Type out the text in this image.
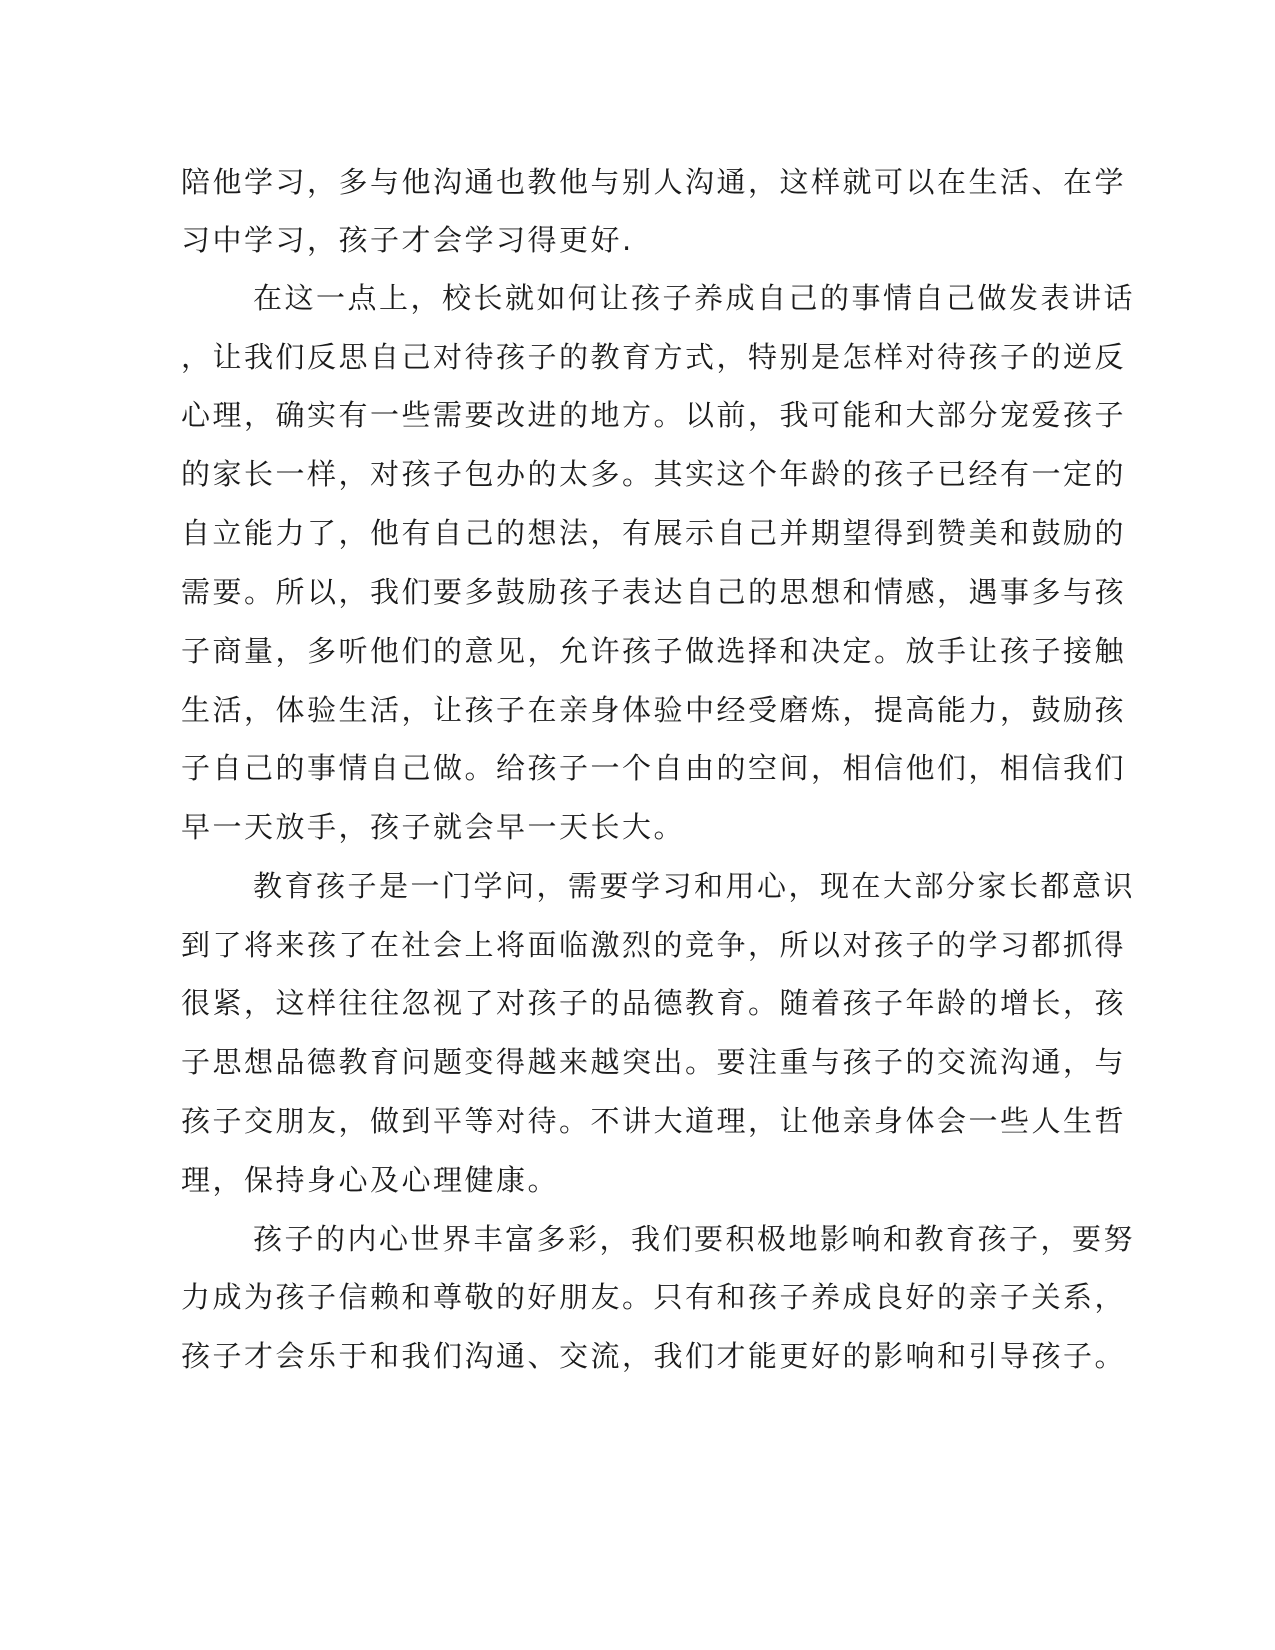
陪他学习，多与他沟通也教他与别人沟通，这样就可以在生活、在学
习中学习，孩子才会学习得更好.
在这一点上，校长就如何让孩子养成自己的事情自己做发表讲话
，让我们反思自己对待孩子的教育方式，特别是怎样对待孩子的逆反
心理，确实有一些需要改进的地方。以前，我可能和大部分宠爱孩子
的家长一样，对孩子包办的太多。其实这个年龄的孩子已经有一定的
自立能力了，他有自己的想法，有展示自己并期望得到赞美和鼓励的
需要。所以，我们要多鼓励孩子表达自己的思想和情感，遇事多与孩
子商量，多听他们的意见，允许孩子做选择和决定。放手让孩子接触
生活，体验生活，让孩子在亲身体验中经受磨炼，提高能力，鼓励孩
子自己的事情自己做。给孩子一个自由的空间，相信他们，相信我们
早一天放手，孩子就会早一天长大。
教育孩子是一门学问，需要学习和用心，现在大部分家长都意识
到了将来孩了在社会上将面临激烈的竞争，所以对孩子的学习都抓得
很紧，这样往往忽视了对孩子的品德教育。随着孩子年龄的增长，孩
子思想品德教育问题变得越来越突出。要注重与孩子的交流沟通，与
孩子交朋友，做到平等对待。不讲大道理，让他亲身体会一些人生哲
理，保持身心及心理健康。
孩子的内心世界丰富多彩，我们要积极地影响和教育孩子，要努
力成为孩子信赖和尊敬的好朋友。只有和孩子养成良好的亲子关系，
孩子才会乐于和我们沟通、交流，我们才能更好的影响和引导孩子。
